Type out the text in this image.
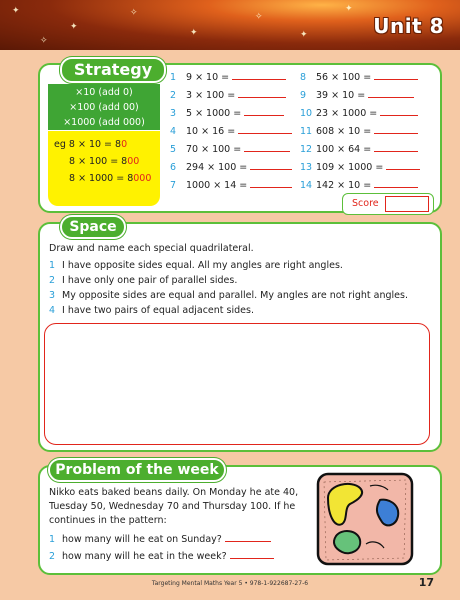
✦
✦
✧
✦
✧
✦
✦
✧
Unit 8
Strategy
×10 (add 0)
×100 (add 00)
×1000 (add 000)
eg 8 × 10 = 80
8 × 100 = 800
8 × 1000 = 8000
1 9 × 10 =
2 3 × 100 =
3 5 × 1000 =
4 10 × 16 =
5 70 × 100 =
6 294 × 100 =
7 1000 × 14 =
8 56 × 100 =
9 39 × 10 =
10 23 × 1000 =
11 608 × 10 =
12 100 × 64 =
13 109 × 1000 =
14 142 × 10 =
Score
Space
Draw and name each special quadrilateral.
1 I have opposite sides equal. All my angles are right angles.
2 I have only one pair of parallel sides.
3 My opposite sides are equal and parallel. My angles are not right angles.
4 I have two pairs of equal adjacent sides.
Problem of the week
Nikko eats baked beans daily. On Monday he ate 40, Tuesday 50, Wednesday 70 and Thursday 100. If he continues in the pattern:
1 how many will he eat on Sunday?
2 how many will he eat in the week?
Targeting Mental Maths Year 5 • 978-1-922687-27-6	17
